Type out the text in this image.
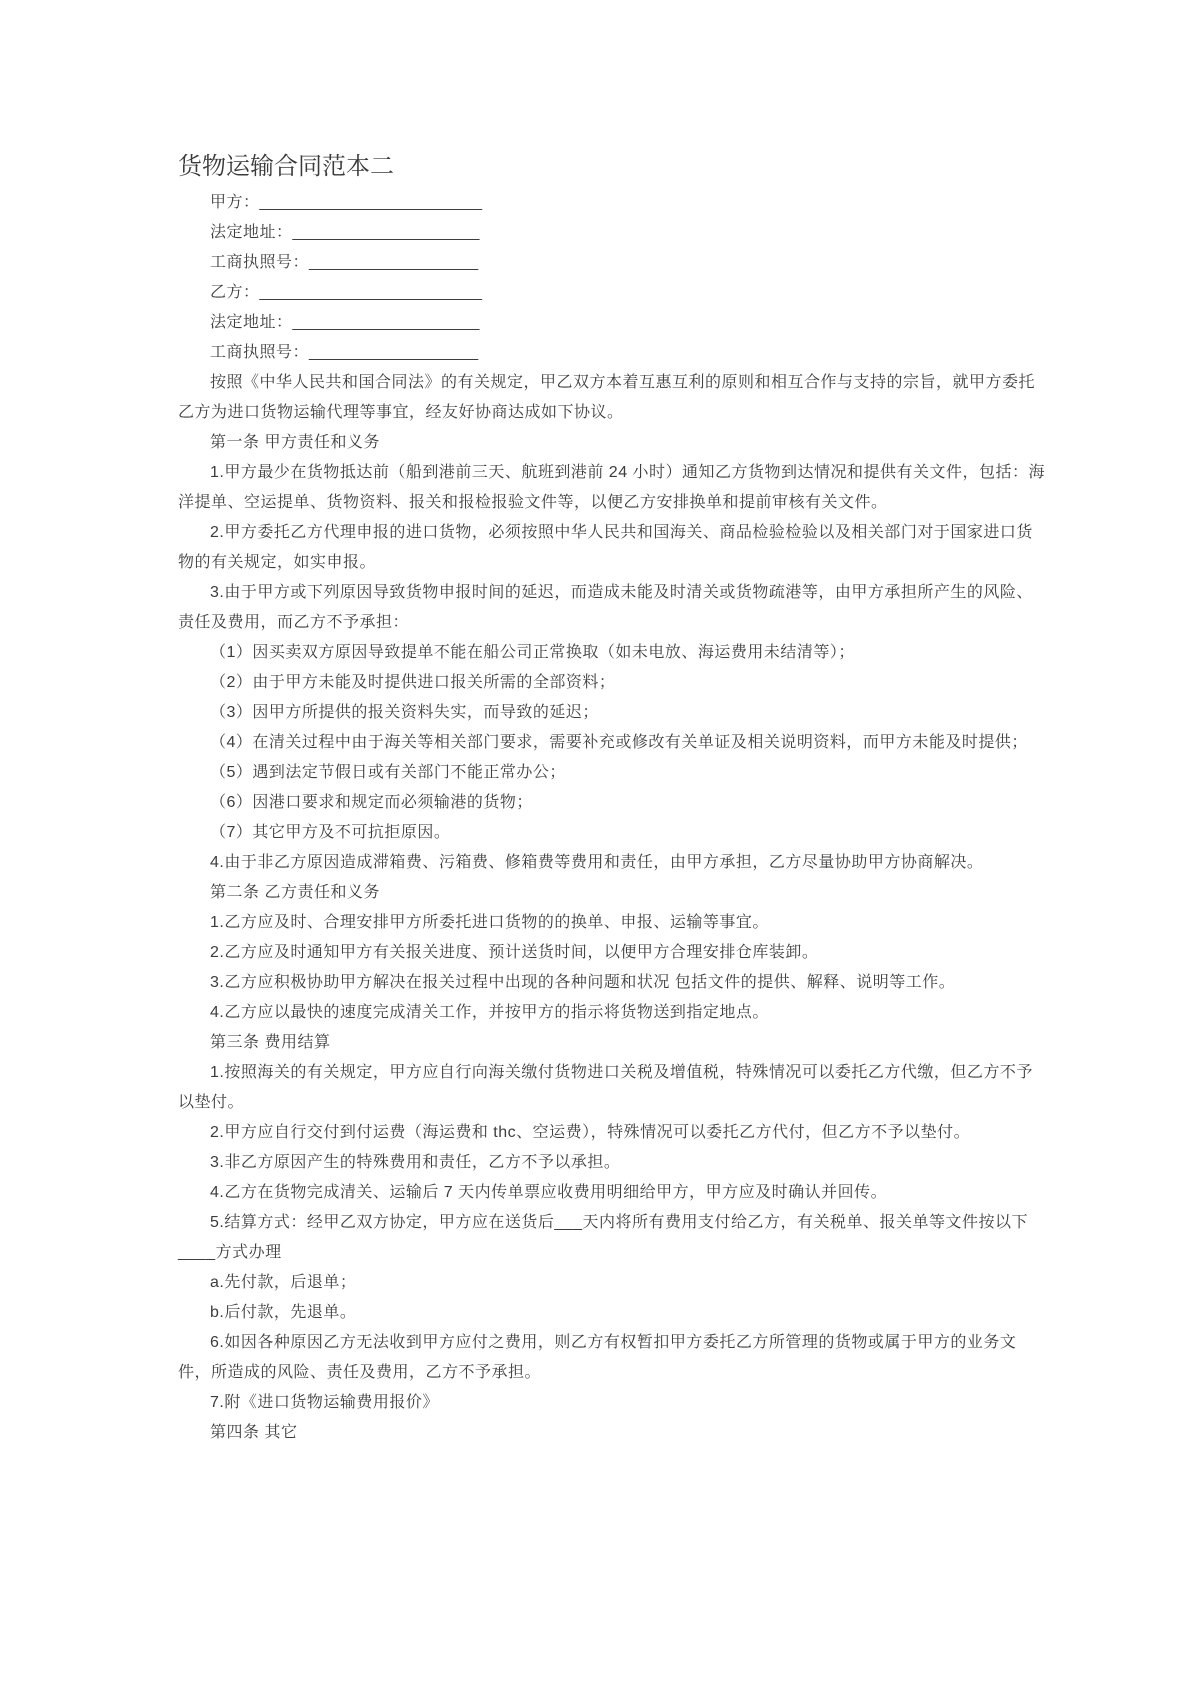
货物运输合同范本二

甲方：_________________________

法定地址：_____________________

工商执照号：___________________

乙方：_________________________

法定地址：_____________________

工商执照号：___________________

按照《中华人民共和国合同法》的有关规定，甲乙双方本着互惠互利的原则和相互合作与支持的宗旨，就甲方委托乙方为进口货物运输代理等事宜，经友好协商达成如下协议。

第一条 甲方责任和义务

1.甲方最少在货物抵达前（船到港前三天、航班到港前 24 小时）通知乙方货物到达情况和提供有关文件，包括：海洋提单、空运提单、货物资料、报关和报检报验文件等，以便乙方安排换单和提前审核有关文件。

2.甲方委托乙方代理申报的进口货物，必须按照中华人民共和国海关、商品检验检验以及相关部门对于国家进口货物的有关规定，如实申报。

3.由于甲方或下列原因导致货物申报时间的延迟，而造成未能及时清关或货物疏港等，由甲方承担所产生的风险、责任及费用，而乙方不予承担：

（1）因买卖双方原因导致提单不能在船公司正常换取（如未电放、海运费用未结清等）；

（2）由于甲方未能及时提供进口报关所需的全部资料；

（3）因甲方所提供的报关资料失实，而导致的延迟；

（4）在清关过程中由于海关等相关部门要求，需要补充或修改有关单证及相关说明资料，而甲方未能及时提供；

（5）遇到法定节假日或有关部门不能正常办公；

（6）因港口要求和规定而必须输港的货物；

（7）其它甲方及不可抗拒原因。

4.由于非乙方原因造成滞箱费、污箱费、修箱费等费用和责任，由甲方承担，乙方尽量协助甲方协商解决。

第二条 乙方责任和义务

1.乙方应及时、合理安排甲方所委托进口货物的的换单、申报、运输等事宜。

2.乙方应及时通知甲方有关报关进度、预计送货时间，以便甲方合理安排仓库装卸。

3.乙方应积极协助甲方解决在报关过程中出现的各种问题和状况 包括文件的提供、解释、说明等工作。

4.乙方应以最快的速度完成清关工作，并按甲方的指示将货物送到指定地点。

第三条 费用结算

1.按照海关的有关规定，甲方应自行向海关缴付货物进口关税及增值税，特殊情况可以委托乙方代缴，但乙方不予以垫付。

2.甲方应自行交付到付运费（海运费和 thc、空运费），特殊情况可以委托乙方代付，但乙方不予以垫付。

3.非乙方原因产生的特殊费用和责任，乙方不予以承担。

4.乙方在货物完成清关、运输后 7 天内传单票应收费用明细给甲方，甲方应及时确认并回传。

5.结算方式：经甲乙双方协定，甲方应在送货后___天内将所有费用支付给乙方，有关税单、报关单等文件按以下____方式办理

a.先付款，后退单；

b.后付款，先退单。

6.如因各种原因乙方无法收到甲方应付之费用，则乙方有权暂扣甲方委托乙方所管理的货物或属于甲方的业务文件，所造成的风险、责任及费用，乙方不予承担。

7.附《进口货物运输费用报价》

第四条 其它
